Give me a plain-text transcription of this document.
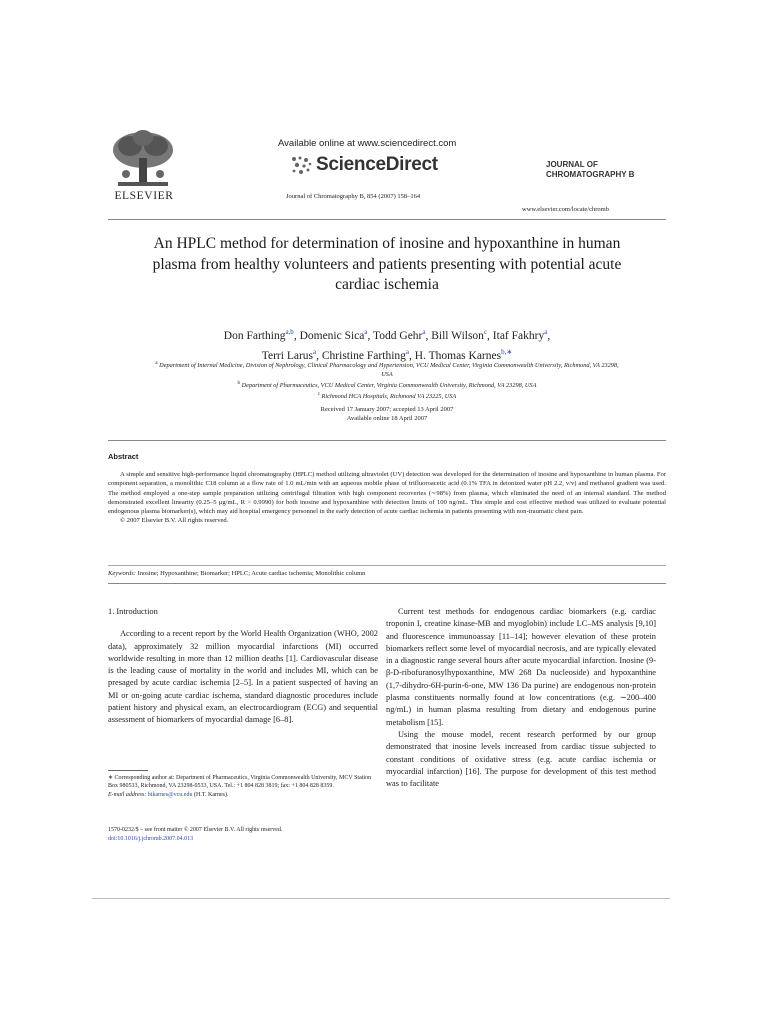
ELSEVIER
Available online at www.sciencedirect.com
ScienceDirect
Journal of Chromatography B, 854 (2007) 158–164
JOURNAL OF
CHROMATOGRAPHY B
www.elsevier.com/locate/chromb
An HPLC method for determination of inosine and hypoxanthine in human plasma from healthy volunteers and patients presenting with potential acute cardiac ischemia
Don Farthing$^{a,b}$, Domenic Sica$^a$, Todd Gehr$^a$, Bill Wilson$^c$, Itaf Fakhry$^a$,
Terri Larus$^a$, Christine Farthing$^a$, H. Thomas Karnes$^{b,∗}$
$^a$ Department of Internal Medicine, Division of Nephrology, Clinical Pharmacology and Hypertension, VCU Medical Center, Virginia Commonwealth University, Richmond, VA 23298, USA
$^b$ Department of Pharmaceutics, VCU Medical Center, Virginia Commonwealth University, Richmond, VA 23298, USA
$^c$ Richmond HCA Hospitals, Richmond VA 23225, USA
Received 17 January 2007; accepted 13 April 2007
Available online 18 April 2007
Abstract
A simple and sensitive high-performance liquid chromatography (HPLC) method utilizing ultraviolet (UV) detection was developed for the determination of inosine and hypoxanthine in human plasma. For component separation, a monolithic C18 column at a flow rate of 1.0 mL/min with an aqueous mobile phase of trifluoroacetic acid (0.1% TFA in deionized water pH 2.2, v/v) and methanol gradient was used. The method employed a one-step sample preparation utilizing centrifugal filtration with high component recoveries (∼98%) from plasma, which eliminated the need of an internal standard. The method demonstrated excellent linearity (0.25–5 μg/mL, R > 0.9990) for both inosine and hypoxanthine with detection limits of 100 ng/mL. This simple and cost effective method was utilized to evaluate potential endogenous plasma biomarker(s), which may aid hospital emergency personnel in the early detection of acute cardiac ischemia in patients presenting with non-traumatic chest pain.
© 2007 Elsevier B.V. All rights reserved.
Keywords: Inosine; Hypoxanthine; Biomarker; HPLC; Acute cardiac ischemia; Monolithic column

1. Introduction

According to a recent report by the World Health Organization (WHO, 2002 data), approximately 32 million myocardial infarctions (MI) occurred worldwide resulting in more than 12 million deaths [1]. Cardiovascular disease is the leading cause of mortality in the world and includes MI, which can be presaged by acute cardiac ischemia [2–5]. In a patient suspected of having an MI or on-going acute cardiac ischema, standard diagnostic procedures include patient history and physical exam, an electrocardiogram (ECG) and sequential assessment of biomarkers of myocardial damage [6–8].

Current test methods for endogenous cardiac biomarkers (e.g. cardiac troponin I, creatine kinase-MB and myoglobin) include LC–MS analysis [9,10] and fluorescence immunoassay [11–14]; however elevation of these protein biomarkers reflect some level of myocardial necrosis, and are typically elevated in a diagnostic range several hours after acute myocardial infarction. Inosine (9-β-D-ribofuranosylhypoxanthine, MW 268 Da nucleoside) and hypoxanthine (1,7-dihydro-6H-purin-6-one, MW 136 Da purine) are endogenous non-protein plasma constituents normally found at low concentrations (e.g. ∼200–400 ng/mL) in human plasma resulting from dietary and endogenous purine metabolism [15].

Using the mouse model, recent research performed by our group demonstrated that inosine levels increased from cardiac tissue subjected to constant conditions of oxidative stress (e.g. acute cardiac ischemia or myocardial infarction) [16]. The purpose for development of this test method was to facilitate

∗ Corresponding author at: Department of Pharmaceutics, Virginia Commonwealth University, MCV Station Box 980533, Richmond, VA 23298-0533, USA. Tel.: +1 804 828 3819; fax: +1 804 828 8359.
E-mail address: htkarnes@vcu.edu (H.T. Karnes).
1570-0232/$ – see front matter © 2007 Elsevier B.V. All rights reserved.
doi:10.1016/j.jchromb.2007.04.013
